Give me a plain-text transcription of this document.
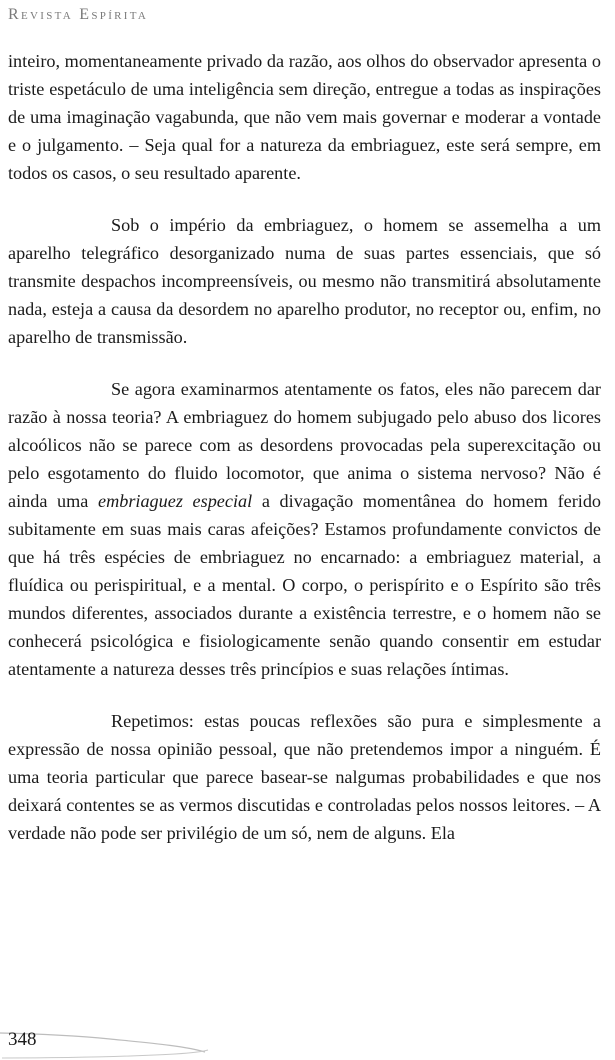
Revista Espírita

inteiro, momentaneamente privado da razão, aos olhos do observador apresenta o triste espetáculo de uma inteligência sem direção, entregue a todas as inspirações de uma imaginação vagabunda, que não vem mais governar e moderar a vontade e o julgamento. – Seja qual for a natureza da embriaguez, este será sempre, em todos os casos, o seu resultado aparente.

Sob o império da embriaguez, o homem se assemelha a um aparelho telegráfico desorganizado numa de suas partes essenciais, que só transmite despachos incompreensíveis, ou mesmo não transmitirá absolutamente nada, esteja a causa da desordem no aparelho produtor, no receptor ou, enfim, no aparelho de transmissão.

Se agora examinarmos atentamente os fatos, eles não parecem dar razão à nossa teoria? A embriaguez do homem subjugado pelo abuso dos licores alcoólicos não se parece com as desordens provocadas pela superexcitação ou pelo esgotamento do fluido locomotor, que anima o sistema nervoso? Não é ainda uma embriaguez especial a divagação momentânea do homem ferido subitamente em suas mais caras afeições? Estamos profundamente convictos de que há três espécies de embriaguez no encarnado: a embriaguez material, a fluídica ou perispiritual, e a mental. O corpo, o perispírito e o Espírito são três mundos diferentes, associados durante a existência terrestre, e o homem não se conhecerá psicológica e fisiologicamente senão quando consentir em estudar atentamente a natureza desses três princípios e suas relações íntimas.

Repetimos: estas poucas reflexões são pura e simplesmente a expressão de nossa opinião pessoal, que não pretendemos impor a ninguém. É uma teoria particular que parece basear-se nalgumas probabilidades e que nos deixará contentes se as vermos discutidas e controladas pelos nossos leitores. – A verdade não pode ser privilégio de um só, nem de alguns. Ela

348
